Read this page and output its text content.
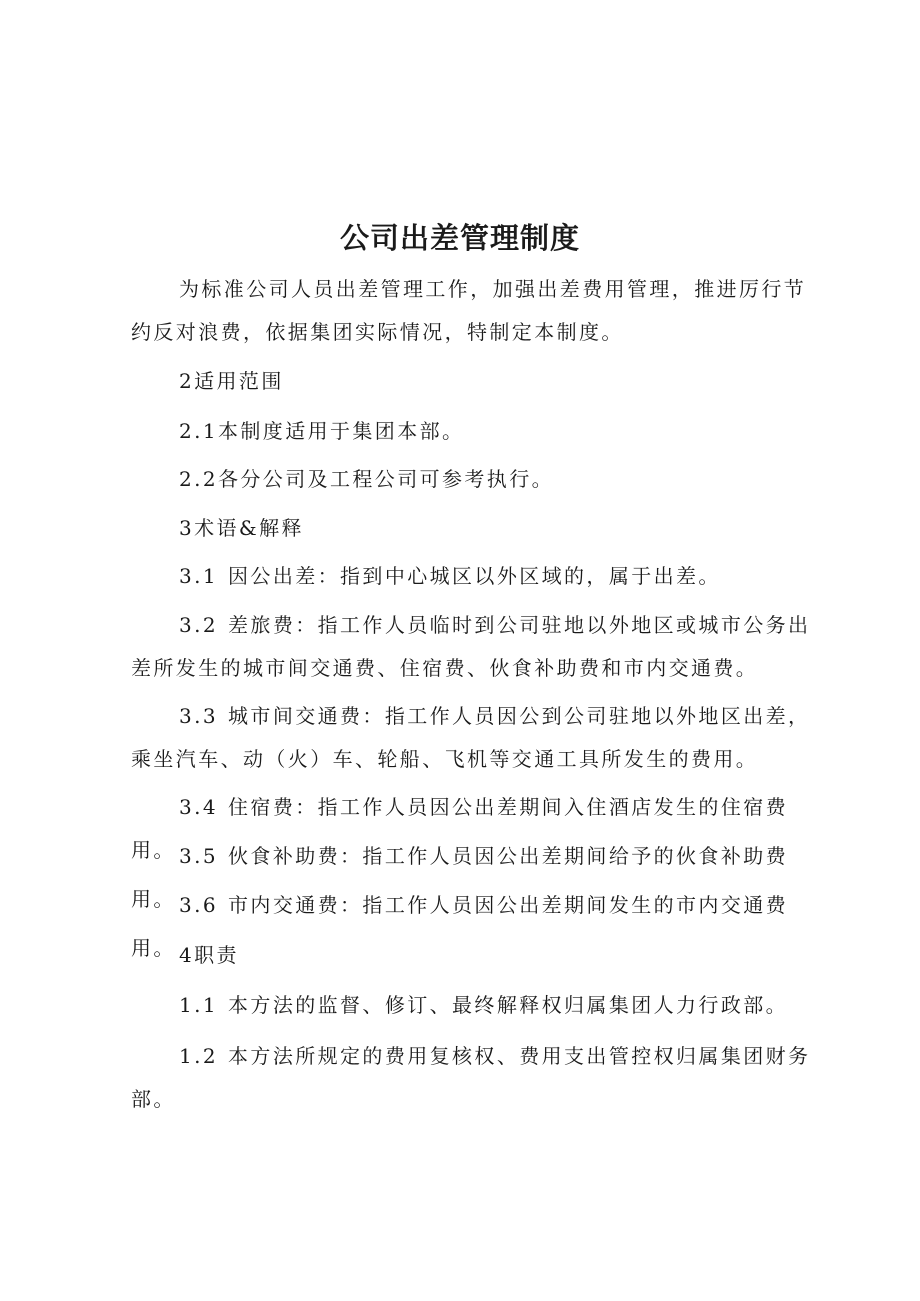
公司出差管理制度

为标准公司人员出差管理工作，加强出差费用管理，推进厉行节约反对浪费，依据集团实际情况，特制定本制度。

2适用范围

2.1本制度适用于集团本部。

2.2各分公司及工程公司可参考执行。

3术语&解释

3.1 因公出差：指到中心城区以外区域的，属于出差。

3.2 差旅费：指工作人员临时到公司驻地以外地区或城市公务出差所发生的城市间交通费、住宿费、伙食补助费和市内交通费。

3.3 城市间交通费：指工作人员因公到公司驻地以外地区出差，乘坐汽车、动（火）车、轮船、飞机等交通工具所发生的费用。

3.4 住宿费：指工作人员因公出差期间入住酒店发生的住宿费用。 3.5 伙食补助费：指工作人员因公出差期间给予的伙食补助费用。 3.6 市内交通费：指工作人员因公出差期间发生的市内交通费用。 4职责

1.1 本方法的监督、修订、最终解释权归属集团人力行政部。

1.2 本方法所规定的费用复核权、费用支出管控权归属集团财务部。
